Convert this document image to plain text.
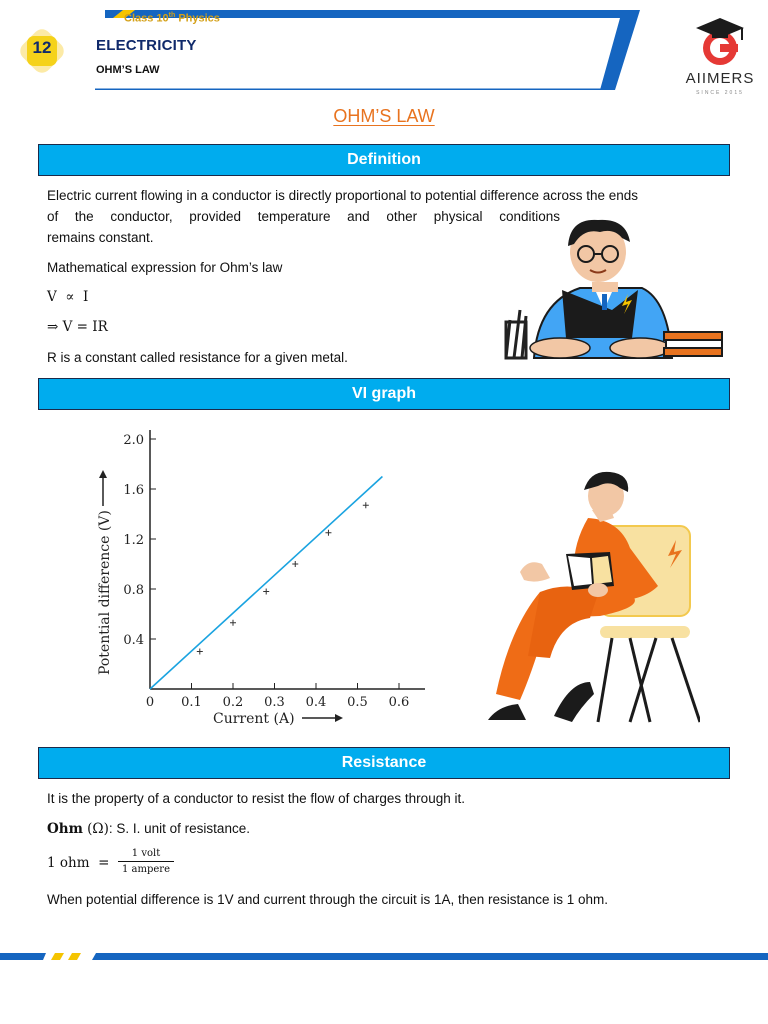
Class 10th Physics
12	ELECTRICITY
OHM’S LAW	AIIMERS
SINCE 2015
OHM’S LAW
Definition
Electric current flowing in a conductor is directly proportional to potential difference across the ends
of the conductor, provided temperature and other physical conditions
remains constant.
Mathematical expression for Ohm’s law
V  ∝  I
⇒ V = IR
R is a constant called resistance for a given metal.
VI graph
0 0.1 0.2 0.3 0.4 0.5 0.6
0.4
0.8
1.2
1.6
2.0
Current (A)
Potential difference (V)
Resistance
It is the property of a conductor to resist the flow of charges through it.
Ohm (Ω): S. I. unit of resistance.
1 ohm  =
1 volt
1 ampere
When potential difference is 1V and current through the circuit is 1A, then resistance is 1 ohm.
